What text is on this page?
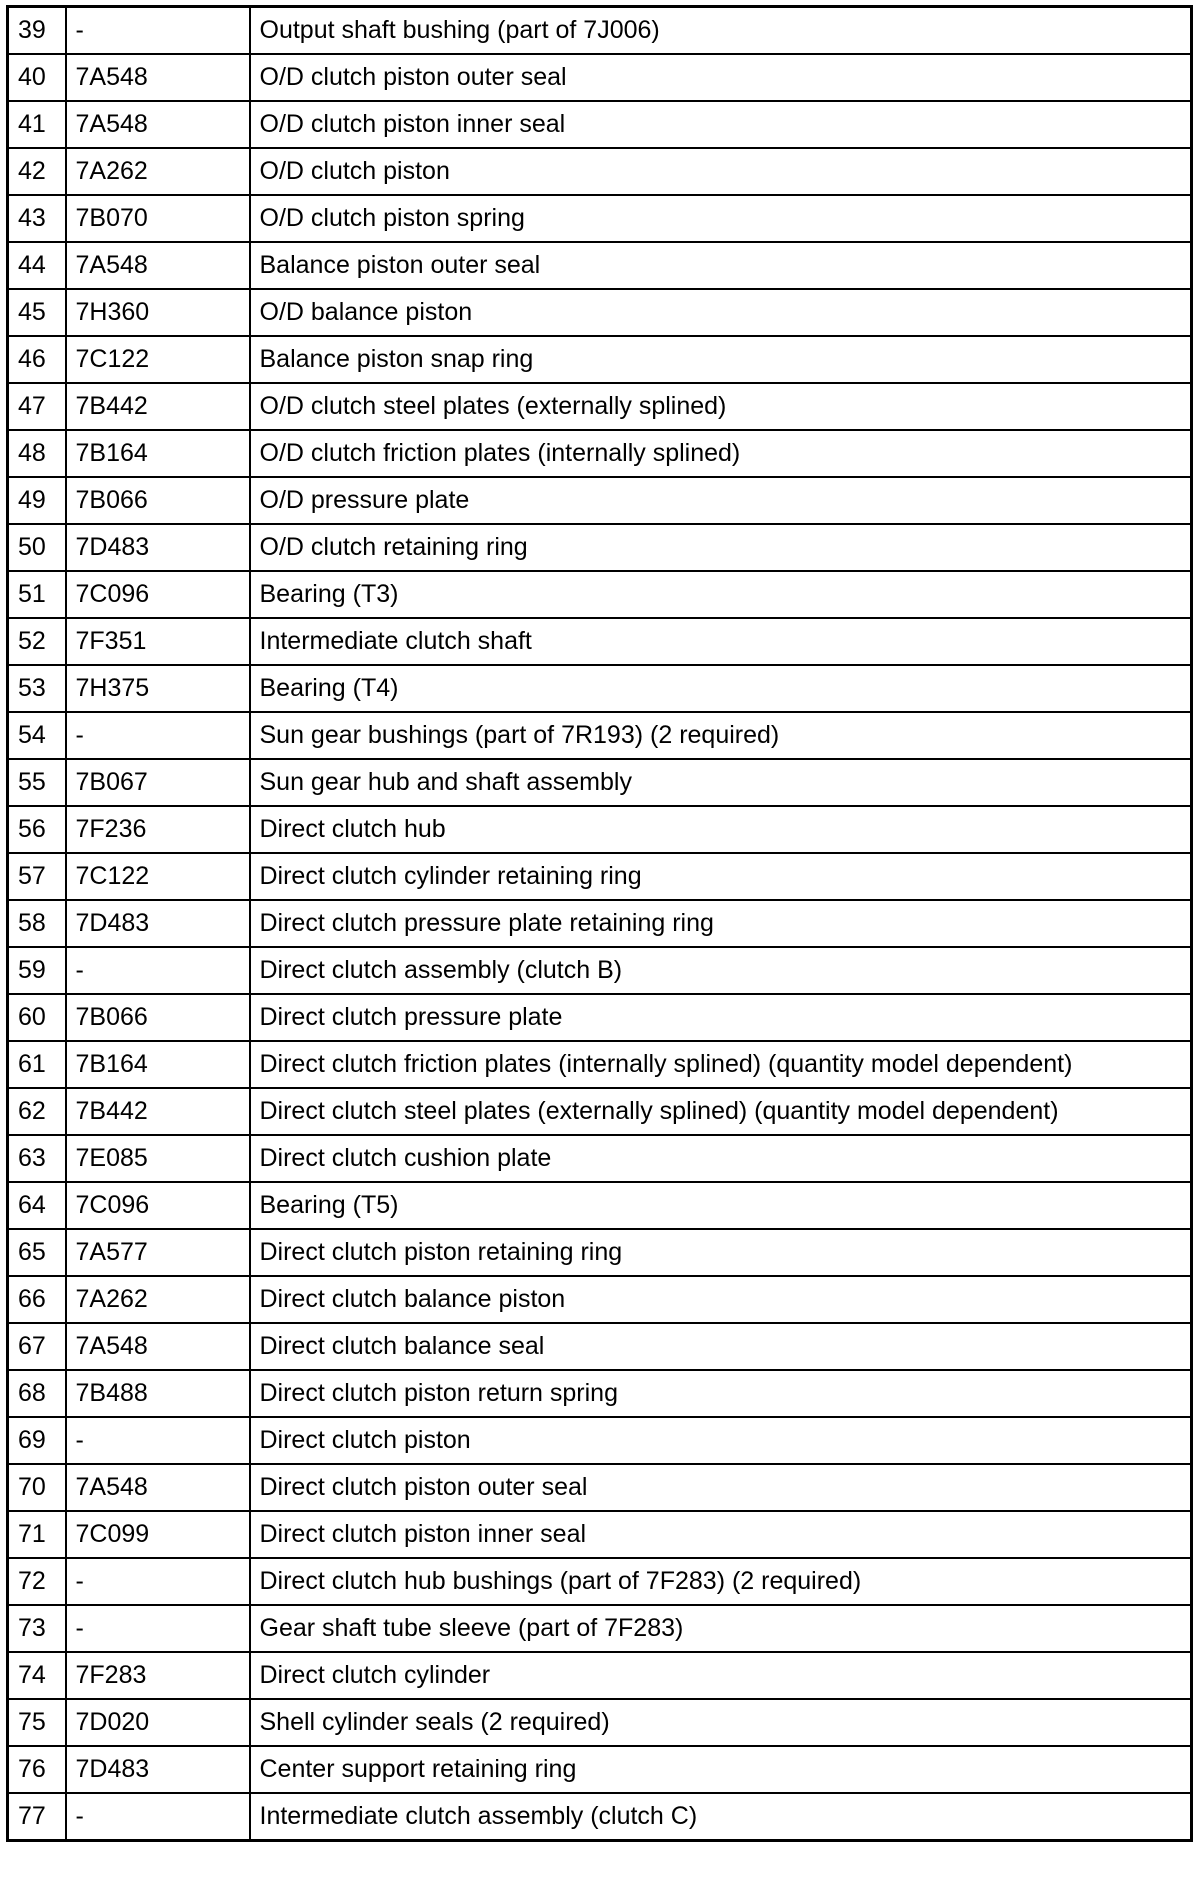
39	-	Output shaft bushing (part of 7J006)
40	7A548	O/D clutch piston outer seal
41	7A548	O/D clutch piston inner seal
42	7A262	O/D clutch piston
43	7B070	O/D clutch piston spring
44	7A548	Balance piston outer seal
45	7H360	O/D balance piston
46	7C122	Balance piston snap ring
47	7B442	O/D clutch steel plates (externally splined)
48	7B164	O/D clutch friction plates (internally splined)
49	7B066	O/D pressure plate
50	7D483	O/D clutch retaining ring
51	7C096	Bearing (T3)
52	7F351	Intermediate clutch shaft
53	7H375	Bearing (T4)
54	-	Sun gear bushings (part of 7R193) (2 required)
55	7B067	Sun gear hub and shaft assembly
56	7F236	Direct clutch hub
57	7C122	Direct clutch cylinder retaining ring
58	7D483	Direct clutch pressure plate retaining ring
59	-	Direct clutch assembly (clutch B)
60	7B066	Direct clutch pressure plate
61	7B164	Direct clutch friction plates (internally splined) (quantity model dependent)
62	7B442	Direct clutch steel plates (externally splined) (quantity model dependent)
63	7E085	Direct clutch cushion plate
64	7C096	Bearing (T5)
65	7A577	Direct clutch piston retaining ring
66	7A262	Direct clutch balance piston
67	7A548	Direct clutch balance seal
68	7B488	Direct clutch piston return spring
69	-	Direct clutch piston
70	7A548	Direct clutch piston outer seal
71	7C099	Direct clutch piston inner seal
72	-	Direct clutch hub bushings (part of 7F283) (2 required)
73	-	Gear shaft tube sleeve (part of 7F283)
74	7F283	Direct clutch cylinder
75	7D020	Shell cylinder seals (2 required)
76	7D483	Center support retaining ring
77	-	Intermediate clutch assembly (clutch C)
